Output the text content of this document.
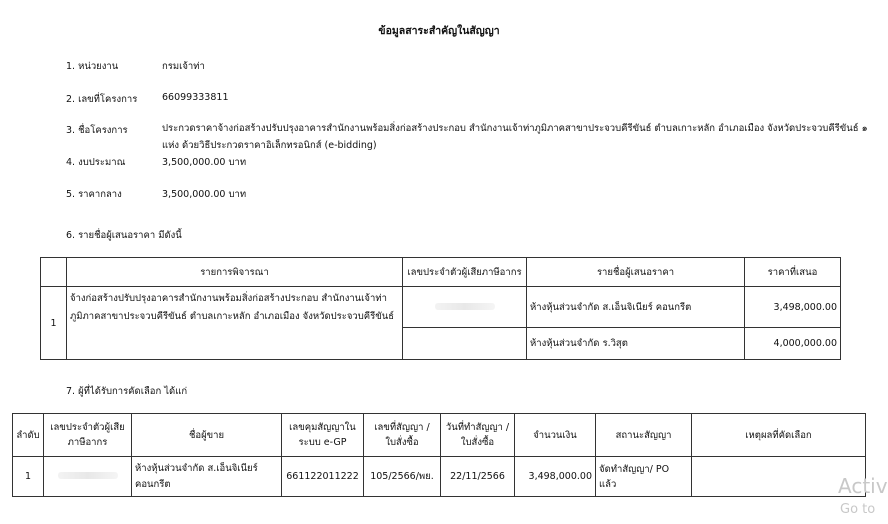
ข้อมูลสาระสำคัญในสัญญา
1. หน่วยงาน	กรมเจ้าท่า
2. เลขที่โครงการ	66099333811
3. ชื่อโครงการ	ประกวดราคาจ้างก่อสร้างปรับปรุงอาคารสำนักงานพร้อมสิ่งก่อสร้างประกอบ สำนักงานเจ้าท่าภูมิภาคสาขาประจวบคีรีขันธ์ ตำบลเกาะหลัก อำเภอเมือง จังหวัดประจวบคีรีขันธ์ ๑ แห่ง ด้วยวิธีประกวดราคาอิเล็กทรอนิกส์ (e-bidding)
4. งบประมาณ	3,500,000.00 บาท
5. ราคากลาง	3,500,000.00 บาท
6. รายชื่อผู้เสนอราคา มีดังนี้
	รายการพิจารณา	เลขประจำตัวผู้เสียภาษีอากร	รายชื่อผู้เสนอราคา	ราคาที่เสนอ
1	จ้างก่อสร้างปรับปรุงอาคารสำนักงานพร้อมสิ่งก่อสร้างประกอบ สำนักงานเจ้าท่าภูมิภาคสาขาประจวบคีรีขันธ์ ตำบลเกาะหลัก อำเภอเมือง จังหวัดประจวบคีรีขันธ์		ห้างหุ้นส่วนจำกัด ส.เอ็นจิเนียร์ คอนกรีต	3,498,000.00
			ห้างหุ้นส่วนจำกัด ร.วิสุต	4,000,000.00
7. ผู้ที่ได้รับการคัดเลือก ได้แก่
ลำดับ	เลขประจำตัวผู้เสียภาษีอากร	ชื่อผู้ขาย	เลขคุมสัญญาในระบบ e-GP	เลขที่สัญญา / ใบสั่งซื้อ	วันที่ทำสัญญา / ใบสั่งซื้อ	จำนวนเงิน	สถานะสัญญา	เหตุผลที่คัดเลือก
1		ห้างหุ้นส่วนจำกัด ส.เอ็นจิเนียร์ คอนกรีต	661122011222	105/2566/พย.	22/11/2566	3,498,000.00	จัดทำสัญญา/ PO แล้ว		Activ
Go to
